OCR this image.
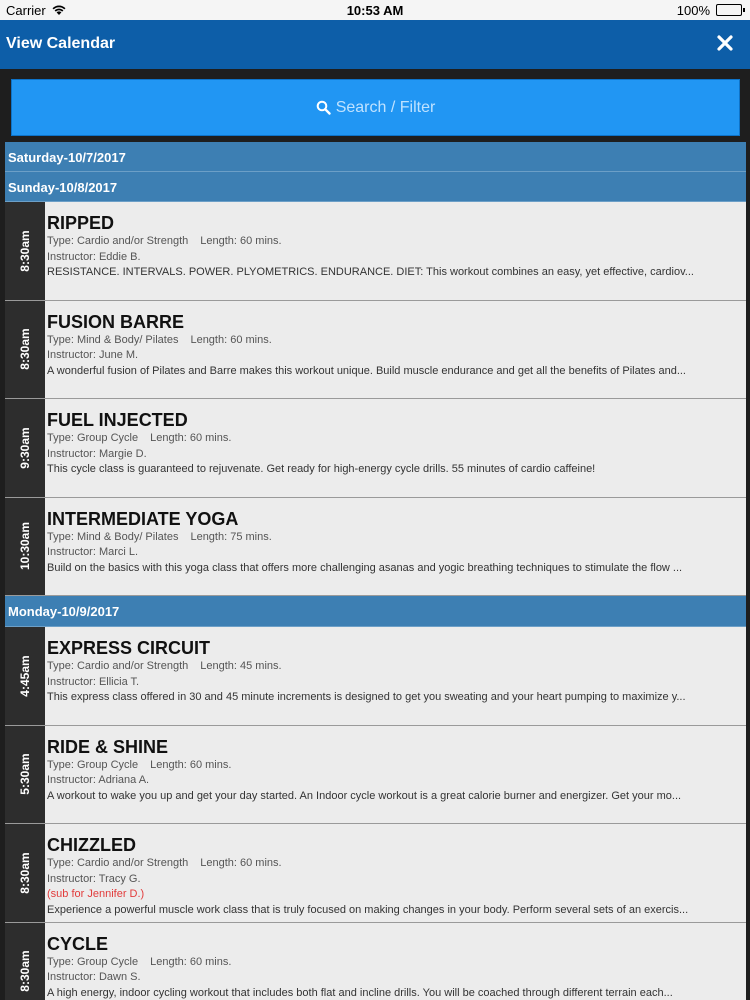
Carrier	10:53 AM	100%
View Calendar
Search / Filter
Saturday-10/7/2017
Sunday-10/8/2017
8:30am
RIPPED
Type: Cardio and/or Strength Length: 60 mins.
Instructor: Eddie B.
RESISTANCE. INTERVALS. POWER. PLYOMETRICS. ENDURANCE. DIET: This workout combines an easy, yet effective, cardiov...
8:30am
FUSION BARRE
Type: Mind & Body/ Pilates Length: 60 mins.
Instructor: June M.
A wonderful fusion of Pilates and Barre makes this workout unique. Build muscle endurance and get all the benefits of Pilates and...
9:30am
FUEL INJECTED
Type: Group Cycle Length: 60 mins.
Instructor: Margie D.
This cycle class is guaranteed to rejuvenate. Get ready for high-energy cycle drills. 55 minutes of cardio caffeine!
10:30am
INTERMEDIATE YOGA
Type: Mind & Body/ Pilates Length: 75 mins.
Instructor: Marci L.
Build on the basics with this yoga class that offers more challenging asanas and yogic breathing techniques to stimulate the flow ...
Monday-10/9/2017
4:45am
EXPRESS CIRCUIT
Type: Cardio and/or Strength Length: 45 mins.
Instructor: Ellicia T.
This express class offered in 30 and 45 minute increments is designed to get you sweating and your heart pumping to maximize y...
5:30am
RIDE & SHINE
Type: Group Cycle Length: 60 mins.
Instructor: Adriana A.
A workout to wake you up and get your day started. An Indoor cycle workout is a great calorie burner and energizer. Get your mo...
8:30am
CHIZZLED
Type: Cardio and/or Strength Length: 60 mins.
Instructor: Tracy G.
(sub for Jennifer D.)
Experience a powerful muscle work class that is truly focused on making changes in your body. Perform several sets of an exercis...
8:30am
CYCLE
Type: Group Cycle Length: 60 mins.
Instructor: Dawn S.
A high energy, indoor cycling workout that includes both flat and incline drills. You will be coached through different terrain each...
